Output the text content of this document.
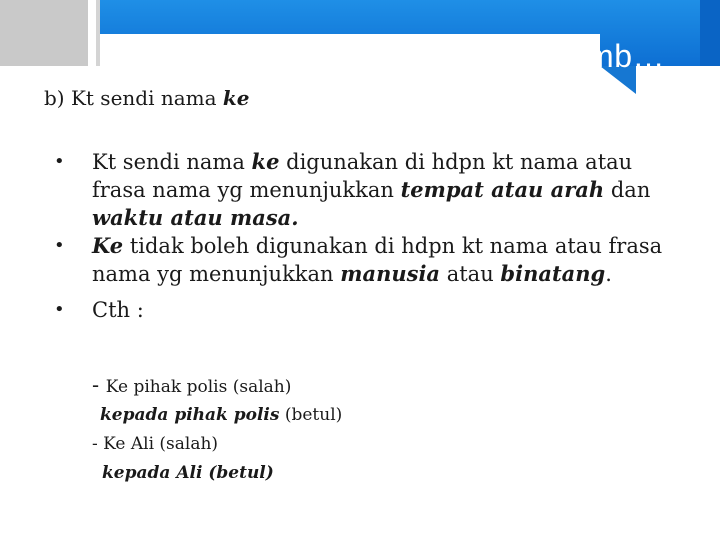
Samb…
b) Kt sendi nama ke
• Kt sendi nama ke digunakan di hdpn kt nama atau frasa nama yg menunjukkan tempat atau arah dan waktu atau masa.
• Ke tidak boleh digunakan di hdpn kt nama atau frasa nama yg menunjukkan manusia atau binatang.
• Cth :
- Ke pihak polis (salah)
kepada pihak polis (betul)
- Ke Ali (salah)
kepada Ali (betul)
